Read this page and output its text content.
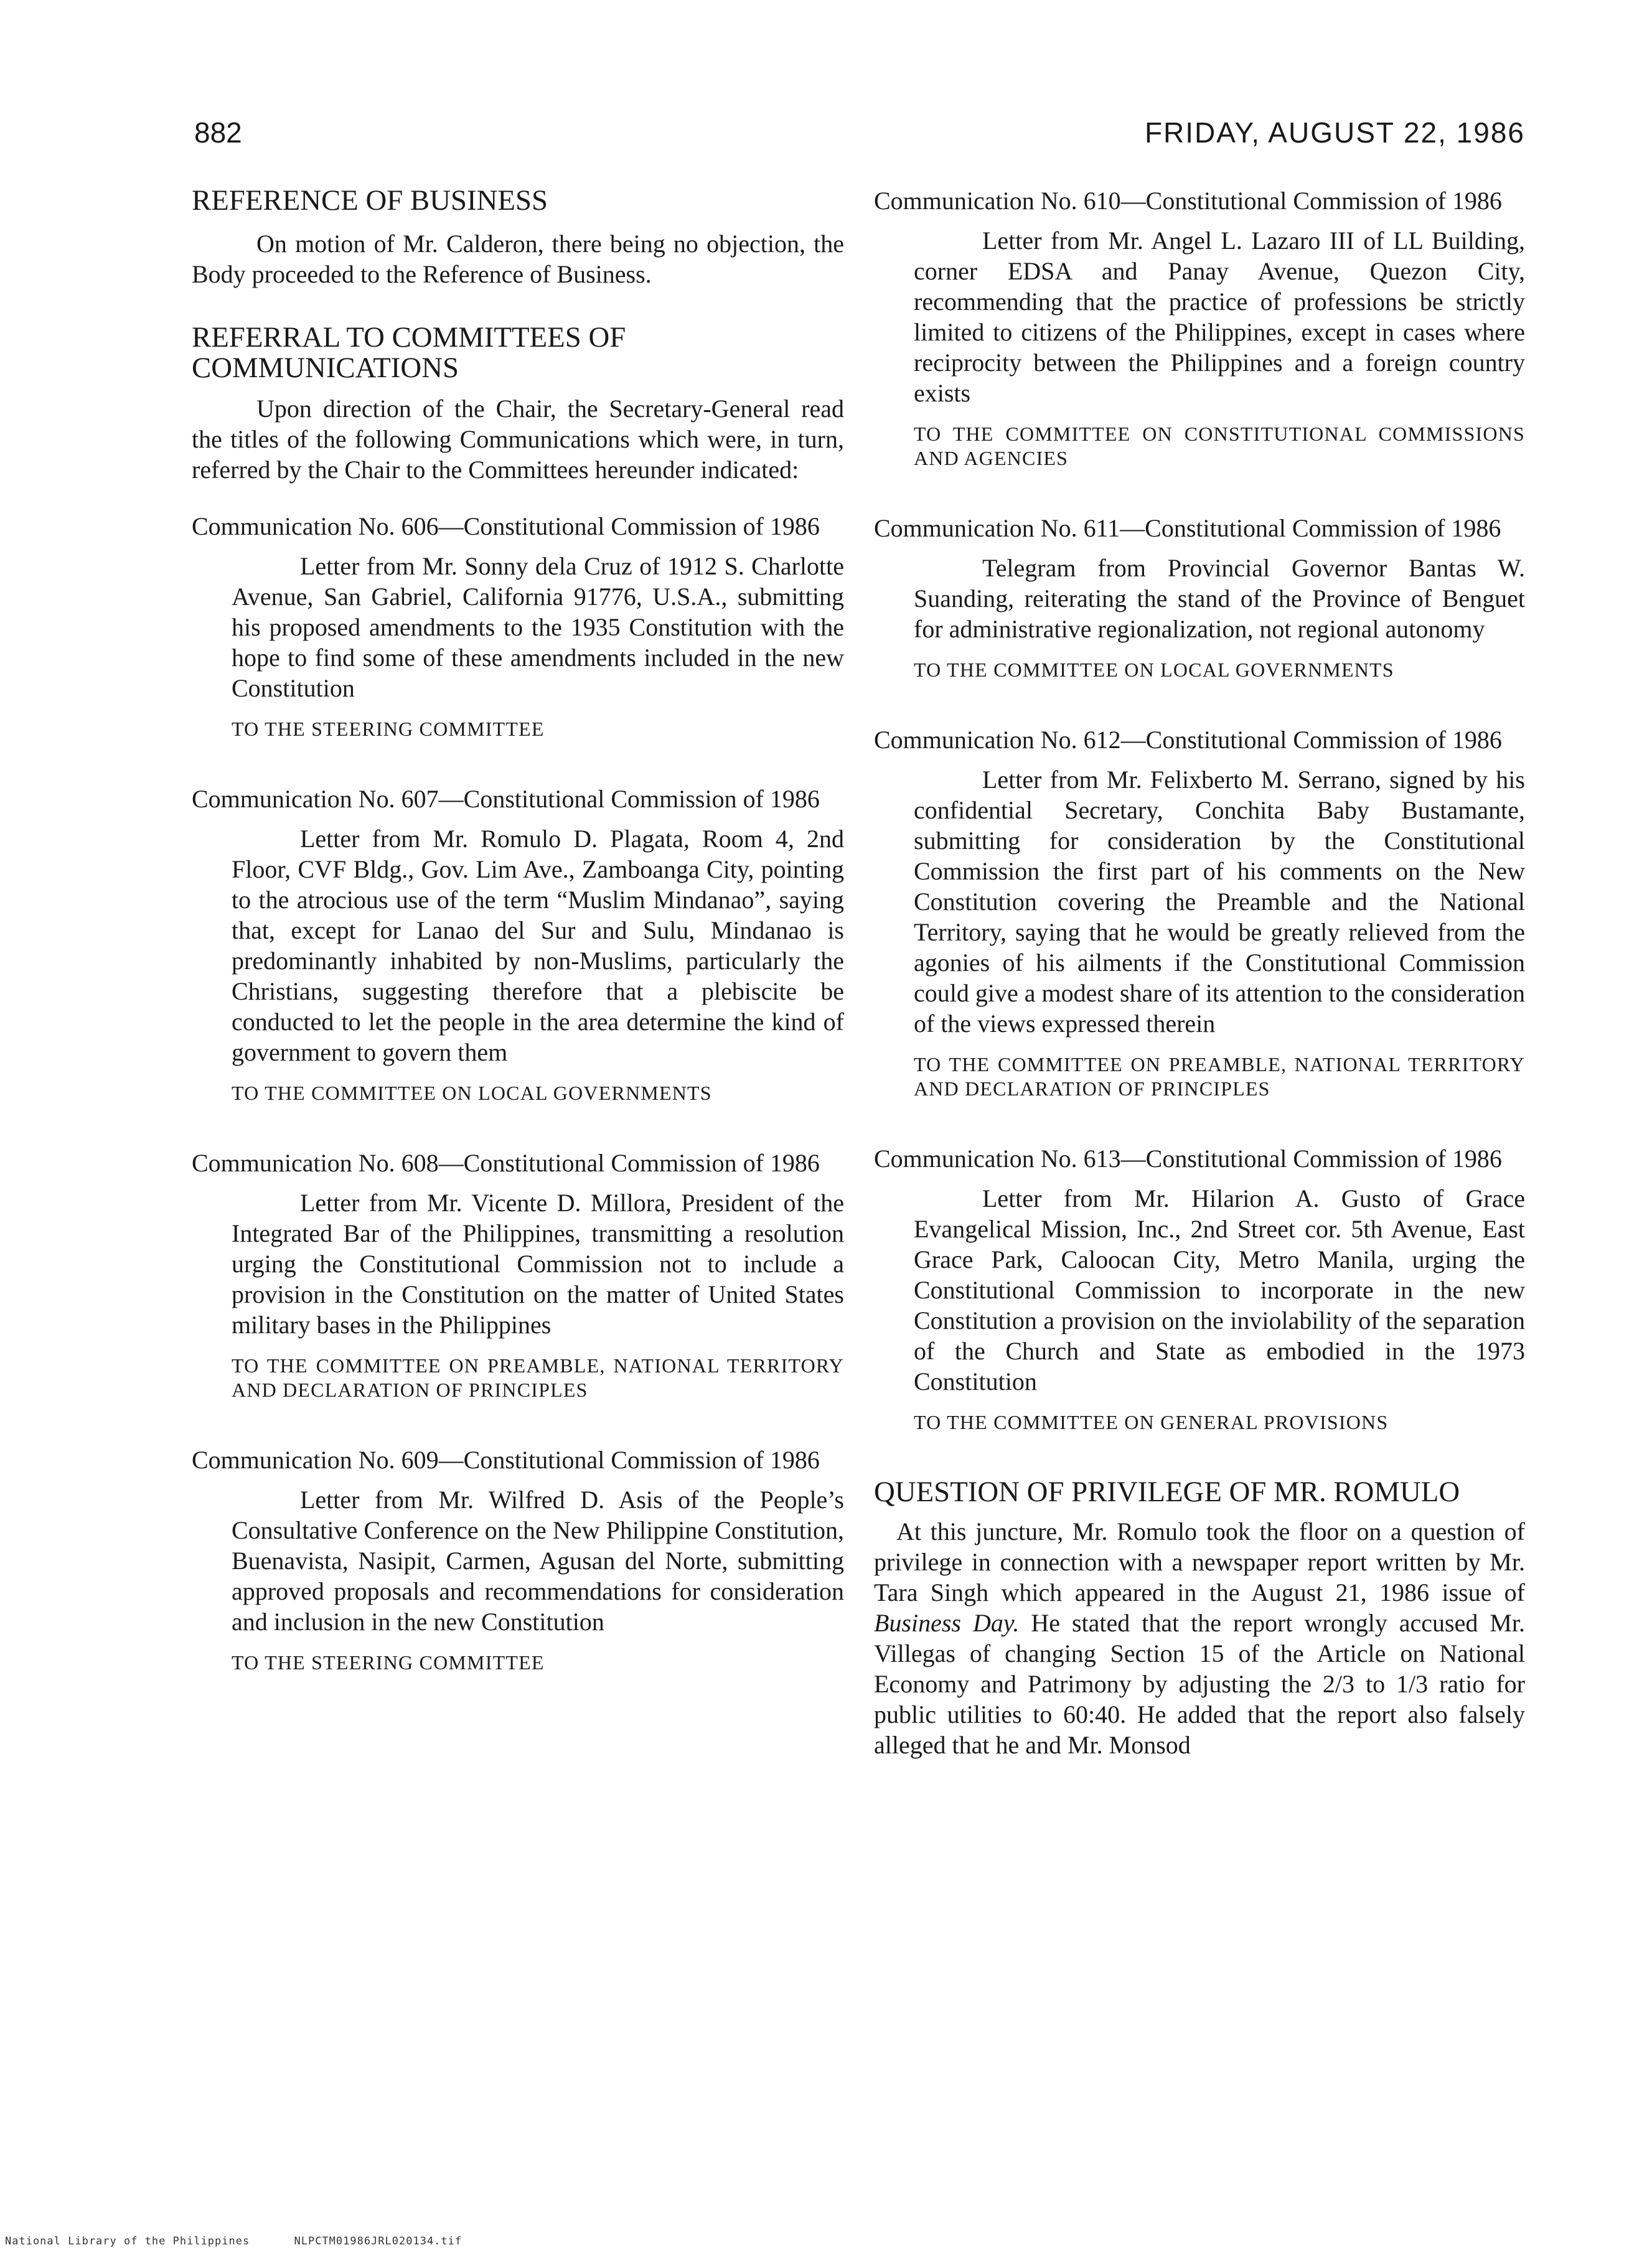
882	FRIDAY, AUGUST 22, 1986
REFERENCE OF BUSINESS

On motion of Mr. Calderon, there being no objection, the Body proceeded to the Reference of Business.

REFERRAL TO COMMITTEES OF
COMMUNICATIONS

Upon direction of the Chair, the Secretary-General read the titles of the following Communications which were, in turn, referred by the Chair to the Committees hereunder indicated:

Communication No. 606—Constitutional Commission of 1986

Letter from Mr. Sonny dela Cruz of 1912 S. Charlotte Avenue, San Gabriel, California 91776, U.S.A., submitting his proposed amendments to the 1935 Constitution with the hope to find some of these amendments included in the new Constitution

TO THE STEERING COMMITTEE

Communication No. 607—Constitutional Commission of 1986

Letter from Mr. Romulo D. Plagata, Room 4, 2nd Floor, CVF Bldg., Gov. Lim Ave., Zamboanga City, pointing to the atrocious use of the term “Muslim Mindanao”, saying that, except for Lanao del Sur and Sulu, Mindanao is predominantly inhabited by non-Muslims, particularly the Christians, suggesting therefore that a plebiscite be conducted to let the people in the area determine the kind of government to govern them

TO THE COMMITTEE ON LOCAL GOVERNMENTS

Communication No. 608—Constitutional Commission of 1986

Letter from Mr. Vicente D. Millora, President of the Integrated Bar of the Philippines, transmitting a resolution urging the Constitutional Commission not to include a provision in the Constitution on the matter of United States military bases in the Philippines

TO THE COMMITTEE ON PREAMBLE, NATIONAL TERRITORY AND DECLARATION OF PRINCIPLES

Communication No. 609—Constitutional Commission of 1986

Letter from Mr. Wilfred D. Asis of the People’s Consultative Conference on the New Philippine Constitution, Buenavista, Nasipit, Carmen, Agusan del Norte, submitting approved proposals and recommendations for consideration and inclusion in the new Constitution

TO THE STEERING COMMITTEE

Communication No. 610—Constitutional Commission of 1986

Letter from Mr. Angel L. Lazaro III of LL Building, corner EDSA and Panay Avenue, Quezon City, recommending that the practice of professions be strictly limited to citizens of the Philippines, except in cases where reciprocity between the Philippines and a foreign country exists

TO THE COMMITTEE ON CONSTITUTIONAL COMMISSIONS AND AGENCIES

Communication No. 611—Constitutional Commission of 1986

Telegram from Provincial Governor Bantas W. Suanding, reiterating the stand of the Province of Benguet for administrative regionalization, not regional autonomy

TO THE COMMITTEE ON LOCAL GOVERNMENTS

Communication No. 612—Constitutional Commission of 1986

Letter from Mr. Felixberto M. Serrano, signed by his confidential Secretary, Conchita Baby Bustamante, submitting for consideration by the Constitutional Commission the first part of his comments on the New Constitution covering the Preamble and the National Territory, saying that he would be greatly relieved from the agonies of his ailments if the Constitutional Commission could give a modest share of its attention to the consideration of the views expressed therein

TO THE COMMITTEE ON PREAMBLE, NATIONAL TERRITORY AND DECLARATION OF PRINCIPLES

Communication No. 613—Constitutional Commission of 1986

Letter from Mr. Hilarion A. Gusto of Grace Evangelical Mission, Inc., 2nd Street cor. 5th Avenue, East Grace Park, Caloocan City, Metro Manila, urging the Constitutional Commission to incorporate in the new Constitution a provision on the inviolability of the separation of the Church and State as embodied in the 1973 Constitution

TO THE COMMITTEE ON GENERAL PROVISIONS

QUESTION OF PRIVILEGE OF MR. ROMULO

At this juncture, Mr. Romulo took the floor on a question of privilege in connection with a newspaper report written by Mr. Tara Singh which appeared in the August 21, 1986 issue of Business Day. He stated that the report wrongly accused Mr. Villegas of changing Section 15 of the Article on National Economy and Patrimony by adjusting the 2/3 to 1/3 ratio for public utilities to 60:40. He added that the report also falsely alleged that he and Mr. Monsod

National Library of the Philippines	NLPCTM01986JRL020134.tif
